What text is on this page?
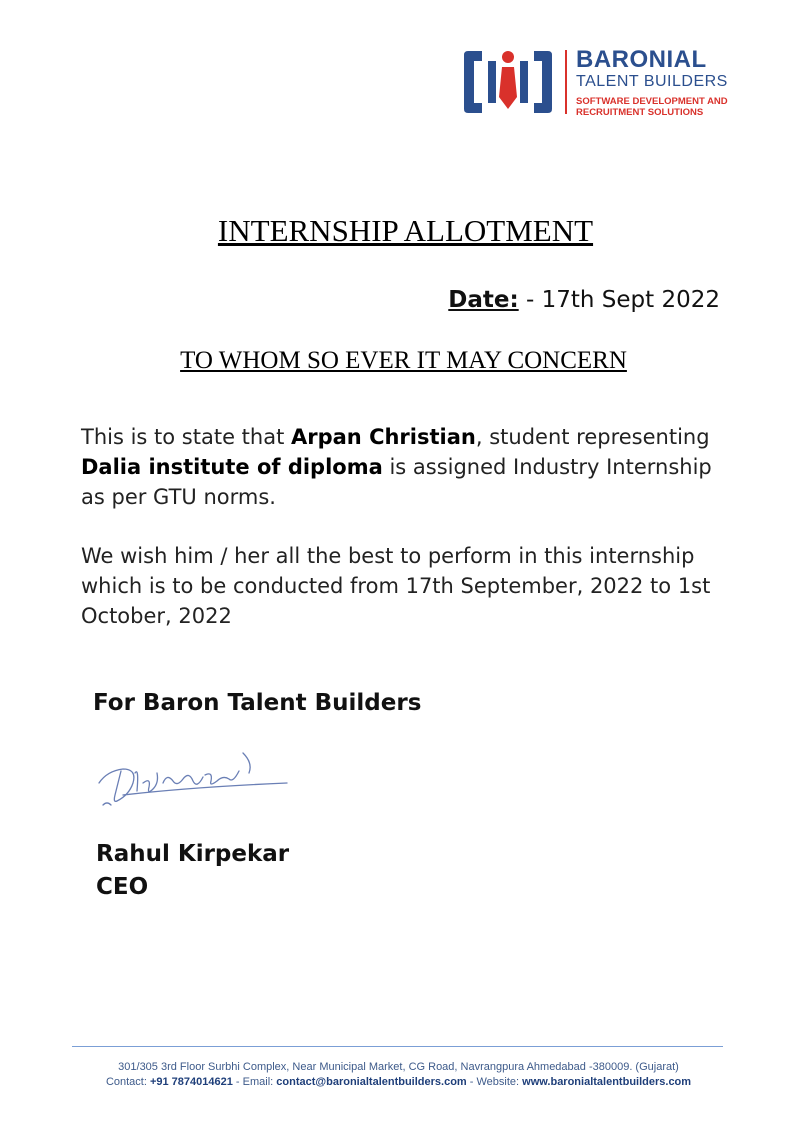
BARONIAL
TALENT BUILDERS
SOFTWARE DEVELOPMENT AND
RECRUITMENT SOLUTIONS
INTERNSHIP ALLOTMENT
Date: - 17th Sept 2022
TO WHOM SO EVER IT MAY CONCERN
This is to state that Arpan Christian, student representing Dalia institute of diploma is assigned Industry Internship as per GTU norms.
We wish him / her all the best to perform in this internship which is to be conducted from 17th September, 2022 to 1st October, 2022
For Baron Talent Builders
Rahul Kirpekar
CEO
301/305 3rd Floor Surbhi Complex, Near Municipal Market, CG Road, Navrangpura Ahmedabad -380009. (Gujarat)
Contact: +91 7874014621 - Email: contact@baronialtalentbuilders.com - Website: www.baronialtalentbuilders.com
